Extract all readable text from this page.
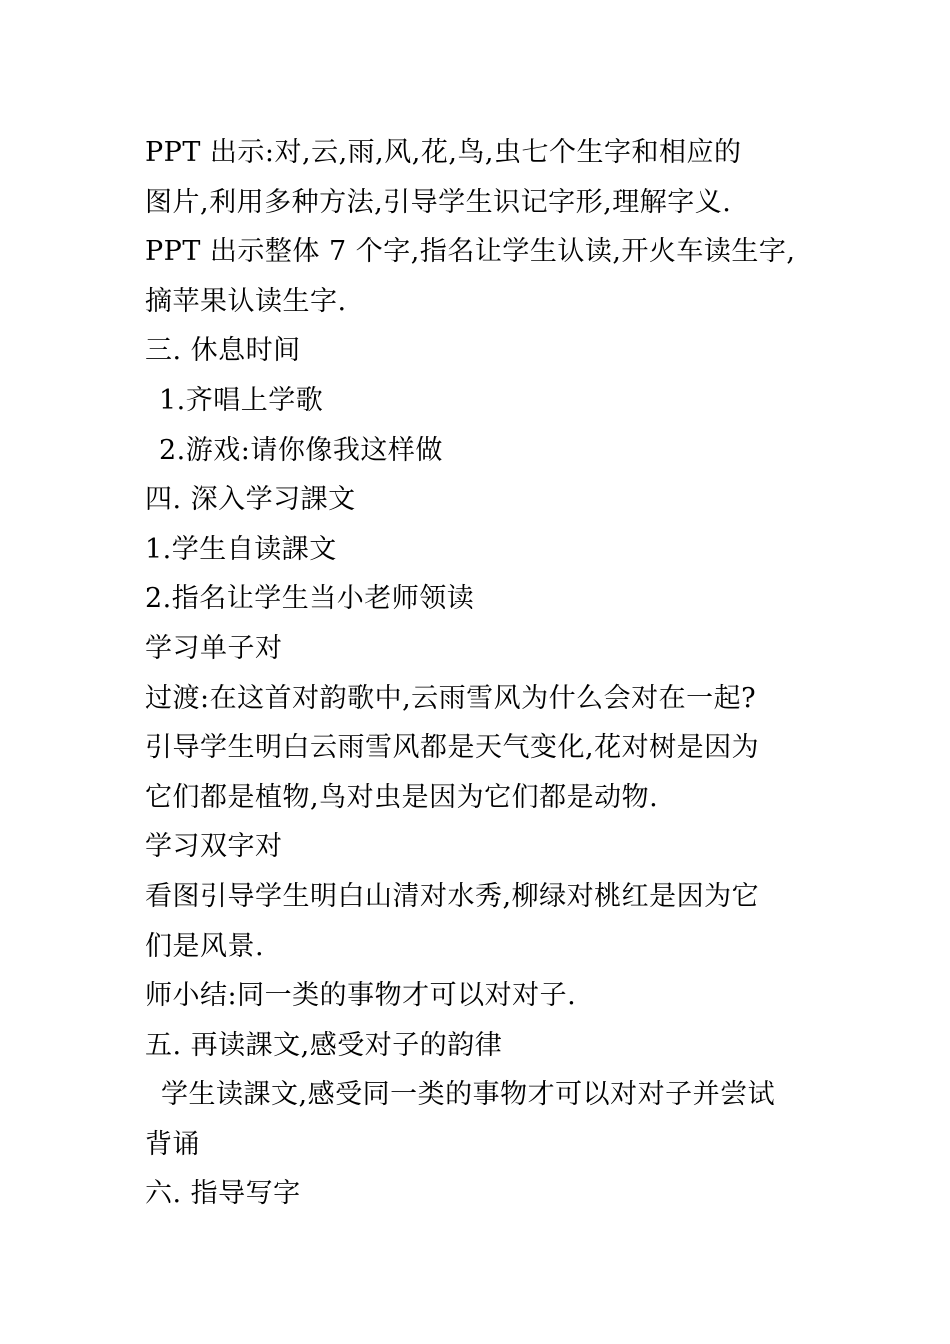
PPT 出示:对,云,雨,风,花,鸟,虫七个生字和相应的
图片,利用多种方法,引导学生识记字形,理解字义.
PPT 出示整体 7 个字,指名让学生认读,开火车读生字,
摘苹果认读生字.
三. 休息时间
1.齐唱上学歌
2.游戏:请你像我这样做
四. 深入学习課文
1.学生自读課文
2.指名让学生当小老师领读
学习单子对
过渡:在这首对韵歌中,云雨雪风为什么会对在一起?
引导学生明白云雨雪风都是天气变化,花对树是因为
它们都是植物,鸟对虫是因为它们都是动物.
学习双字对
看图引导学生明白山清对水秀,柳绿对桃红是因为它
们是风景.
师小结:同一类的事物才可以对对子.
五. 再读課文,感受对子的韵律
学生读課文,感受同一类的事物才可以对对子并尝试
背诵
六. 指导写字
